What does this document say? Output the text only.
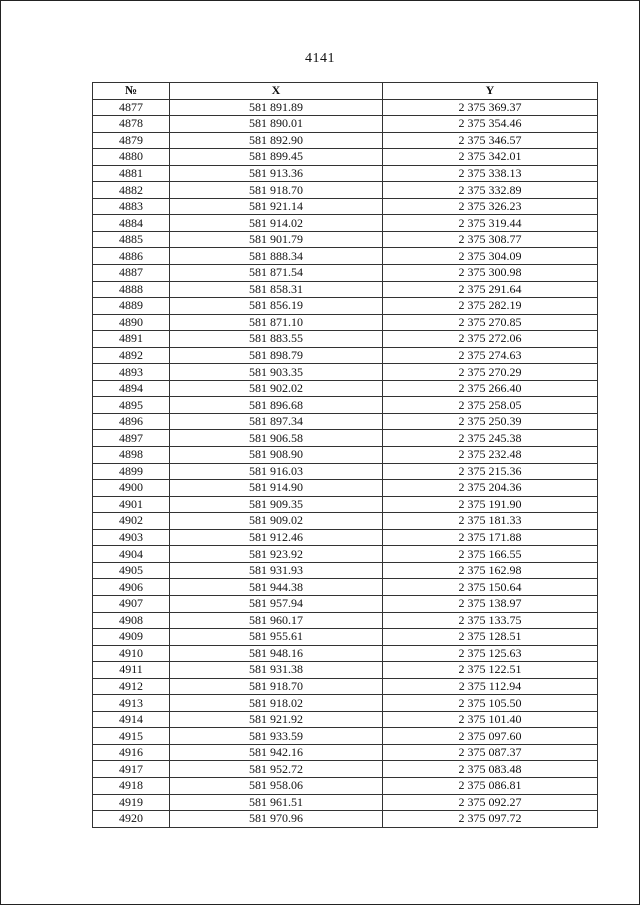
4141
№	X	Y
4877	581 891.89	2 375 369.37
4878	581 890.01	2 375 354.46
4879	581 892.90	2 375 346.57
4880	581 899.45	2 375 342.01
4881	581 913.36	2 375 338.13
4882	581 918.70	2 375 332.89
4883	581 921.14	2 375 326.23
4884	581 914.02	2 375 319.44
4885	581 901.79	2 375 308.77
4886	581 888.34	2 375 304.09
4887	581 871.54	2 375 300.98
4888	581 858.31	2 375 291.64
4889	581 856.19	2 375 282.19
4890	581 871.10	2 375 270.85
4891	581 883.55	2 375 272.06
4892	581 898.79	2 375 274.63
4893	581 903.35	2 375 270.29
4894	581 902.02	2 375 266.40
4895	581 896.68	2 375 258.05
4896	581 897.34	2 375 250.39
4897	581 906.58	2 375 245.38
4898	581 908.90	2 375 232.48
4899	581 916.03	2 375 215.36
4900	581 914.90	2 375 204.36
4901	581 909.35	2 375 191.90
4902	581 909.02	2 375 181.33
4903	581 912.46	2 375 171.88
4904	581 923.92	2 375 166.55
4905	581 931.93	2 375 162.98
4906	581 944.38	2 375 150.64
4907	581 957.94	2 375 138.97
4908	581 960.17	2 375 133.75
4909	581 955.61	2 375 128.51
4910	581 948.16	2 375 125.63
4911	581 931.38	2 375 122.51
4912	581 918.70	2 375 112.94
4913	581 918.02	2 375 105.50
4914	581 921.92	2 375 101.40
4915	581 933.59	2 375 097.60
4916	581 942.16	2 375 087.37
4917	581 952.72	2 375 083.48
4918	581 958.06	2 375 086.81
4919	581 961.51	2 375 092.27
4920	581 970.96	2 375 097.72
